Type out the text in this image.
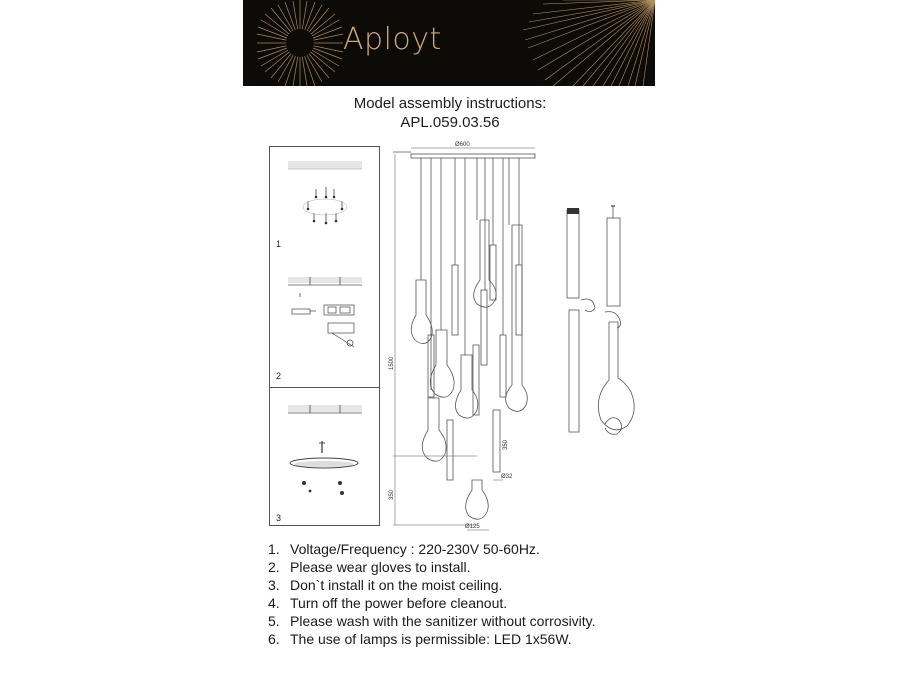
Aployt
Model assembly instructions:
APL.059.03.56
1
2
3
Ø600
1500
350
Ø32
350
Ø125
1. Voltage/Frequency : 220-230V 50-60Hz.
2. Please wear gloves to install.
3. Don`t install it on the moist ceiling.
4. Turn off the power before cleanout.
5. Please wash with the sanitizer without corrosivity.
6. The use of lamps is permissible: LED 1x56W.
